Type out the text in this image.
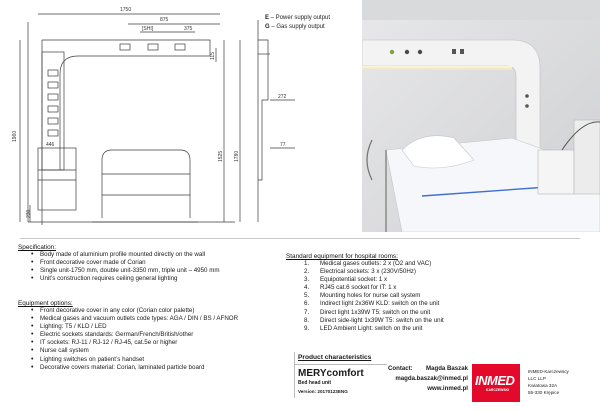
1750
875
375
[SHI]
115
1960
446
230
1525 1780
272
77
E – Power supply output
G – Gas supply output
Specification:
• Body made of aluminium profile mounted directly on the wall
• Front decorative cover made of Corian
• Single unit-1750 mm, double unit-3350 mm, triple unit – 4950 mm
• Unit’s construction requires ceiling general lighting
Equipment options:
• Front decorative cover in any color (Corian color palette)
• Medical gases and vacuum outlets code types: AGA / DIN / BS / AFNOR
• Lighting: T5 / KLD / LED
• Electric sockets standards: German/French/British/other
• IT sockets: RJ-11 / RJ-12 / RJ-45, cat.5e or higher
• Nurse call system
• Lighting switches on patient’s handset
• Decorative covers material: Corian, laminated particle board
Standard equipment for hospital rooms:
1.	Medical gases outlets: 2 x (O2 and VAC)
2.	Electrical sockets: 3 x (230V/50Hz)
3.	Equipotential socket: 1 x
4.	RJ45 cat.6 socket for IT: 1 x
5.	Mounting holes for nurse call system
6.	Indirect light 2x36W KLD: switch on the unit
7.	Direct light 1x39W T5: switch on the unit
8.	Direct side-light 1x39W T5: switch on the unit
9.	LED Ambient Light: switch on the unit
Product characteristics
MERYcomfort
Bed head unit
Version: 20170123ENG
Contact:	Magda Baszak
magda.baszak@inmed.pl
www.inmed.pl
INMED
KARCZEWSKI
INMED-Karczewscy
LLC LLP
Kwiatowa 32A
55-330 Krępice
